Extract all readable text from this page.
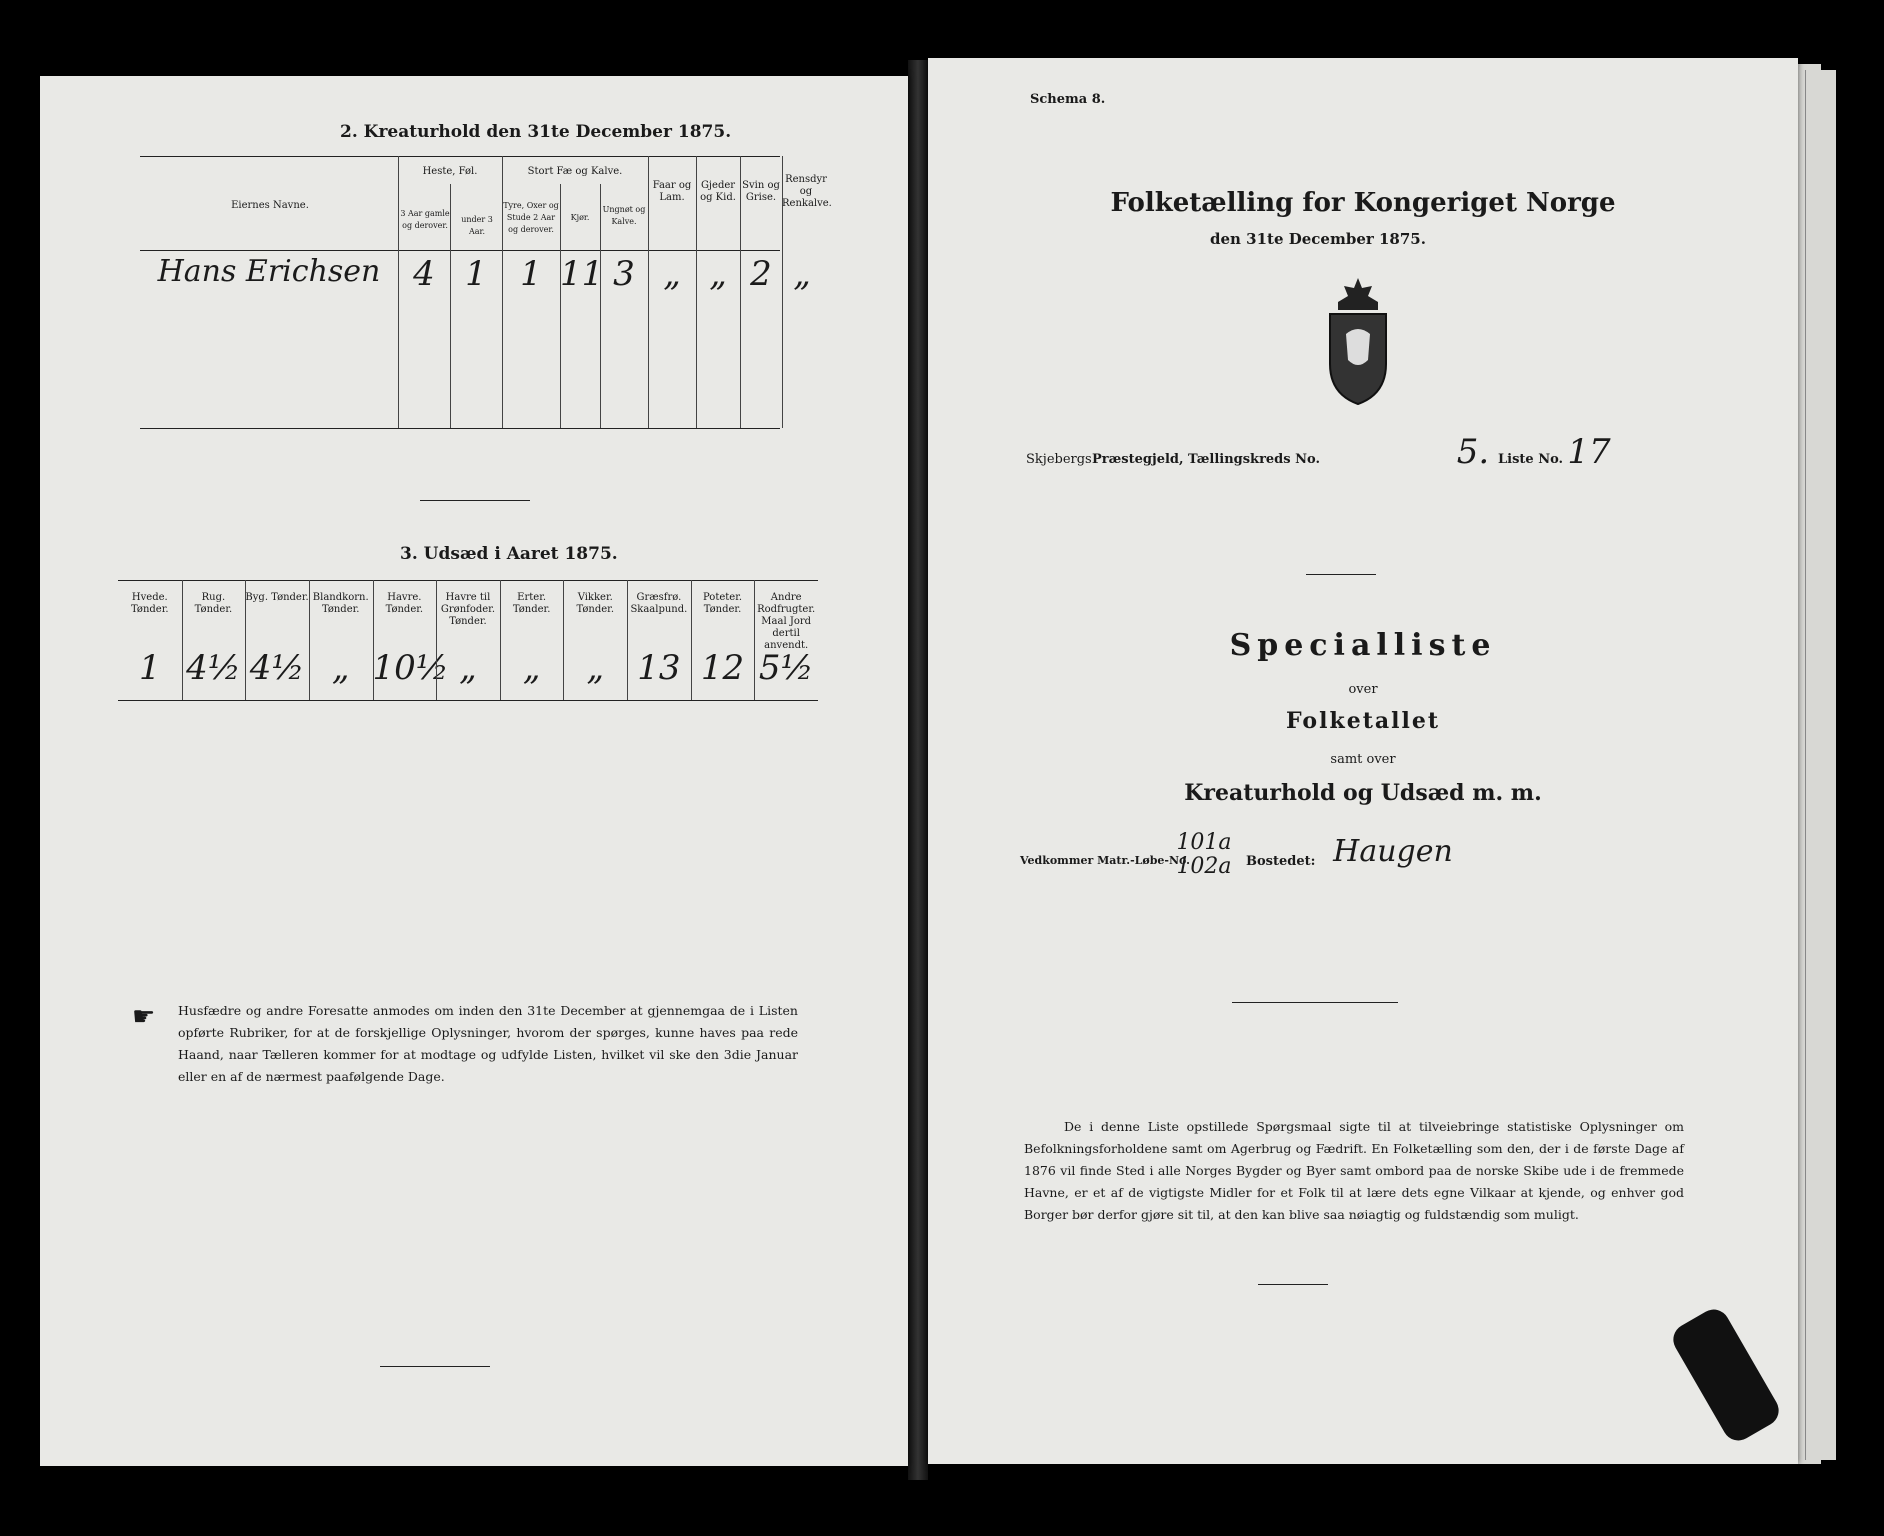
2. Kreaturhold den 31te December 1875.
Eiernes Navne.
Heste, Føl.
3 Aar gamle og derover.
under 3 Aar.
Stort Fæ og Kalve.
Tyre, Oxer og Stude 2 Aar og derover.
Kjør.
Ungnøt og Kalve.
Faar og Lam.
Gjeder og Kid.
Svin og Grise.
Rensdyr og Renkalve.
Hans Erichsen 4 1 1 11 3 „ „ 2 „
3. Udsæd i Aaret 1875.
Hvede. Tønder.
1
Rug. Tønder.
4½
Byg. Tønder.
4½
Blandkorn. Tønder.
„
Havre. Tønder.
10½
Havre til Grønfoder. Tønder.
„
Erter. Tønder.
„
Vikker. Tønder.
„
Græsfrø. Skaalpund.
13
Poteter. Tønder.
12
Andre Rodfrugter. Maal Jord dertil anvendt.
5½
☛ Husfædre og andre Foresatte anmodes om inden den 31te December at gjennemgaa de i Listen opførte Rubriker, for at de forskjellige Oplysninger, hvorom der spørges, kunne haves paa rede Haand, naar Tælleren kommer for at modtage og udfylde Listen, hvilket vil ske den 3die Januar eller en af de nærmest paafølgende Dage.
Schema 8.
Folketælling for Kongeriget Norge
den 31te December 1875.
Skjebergs Præstegjeld, Tællingskreds No.	5. Liste No. 17
Specialliste
over
Folketallet
samt over
Kreaturhold og Udsæd m. m.
Vedkommer Matr.-Løbe-No.
101a
102a Bostedet: Haugen
De i denne Liste opstillede Spørgsmaal sigte til at tilveiebringe statistiske Oplysninger om Befolkningsforholdene samt om Agerbrug og Fædrift. En Folketælling som den, der i de første Dage af 1876 vil finde Sted i alle Norges Bygder og Byer samt ombord paa de norske Skibe ude i de fremmede Havne, er et af de vigtigste Midler for et Folk til at lære dets egne Vilkaar at kjende, og enhver god Borger bør derfor gjøre sit til, at den kan blive saa nøiagtig og fuldstændig som muligt.
